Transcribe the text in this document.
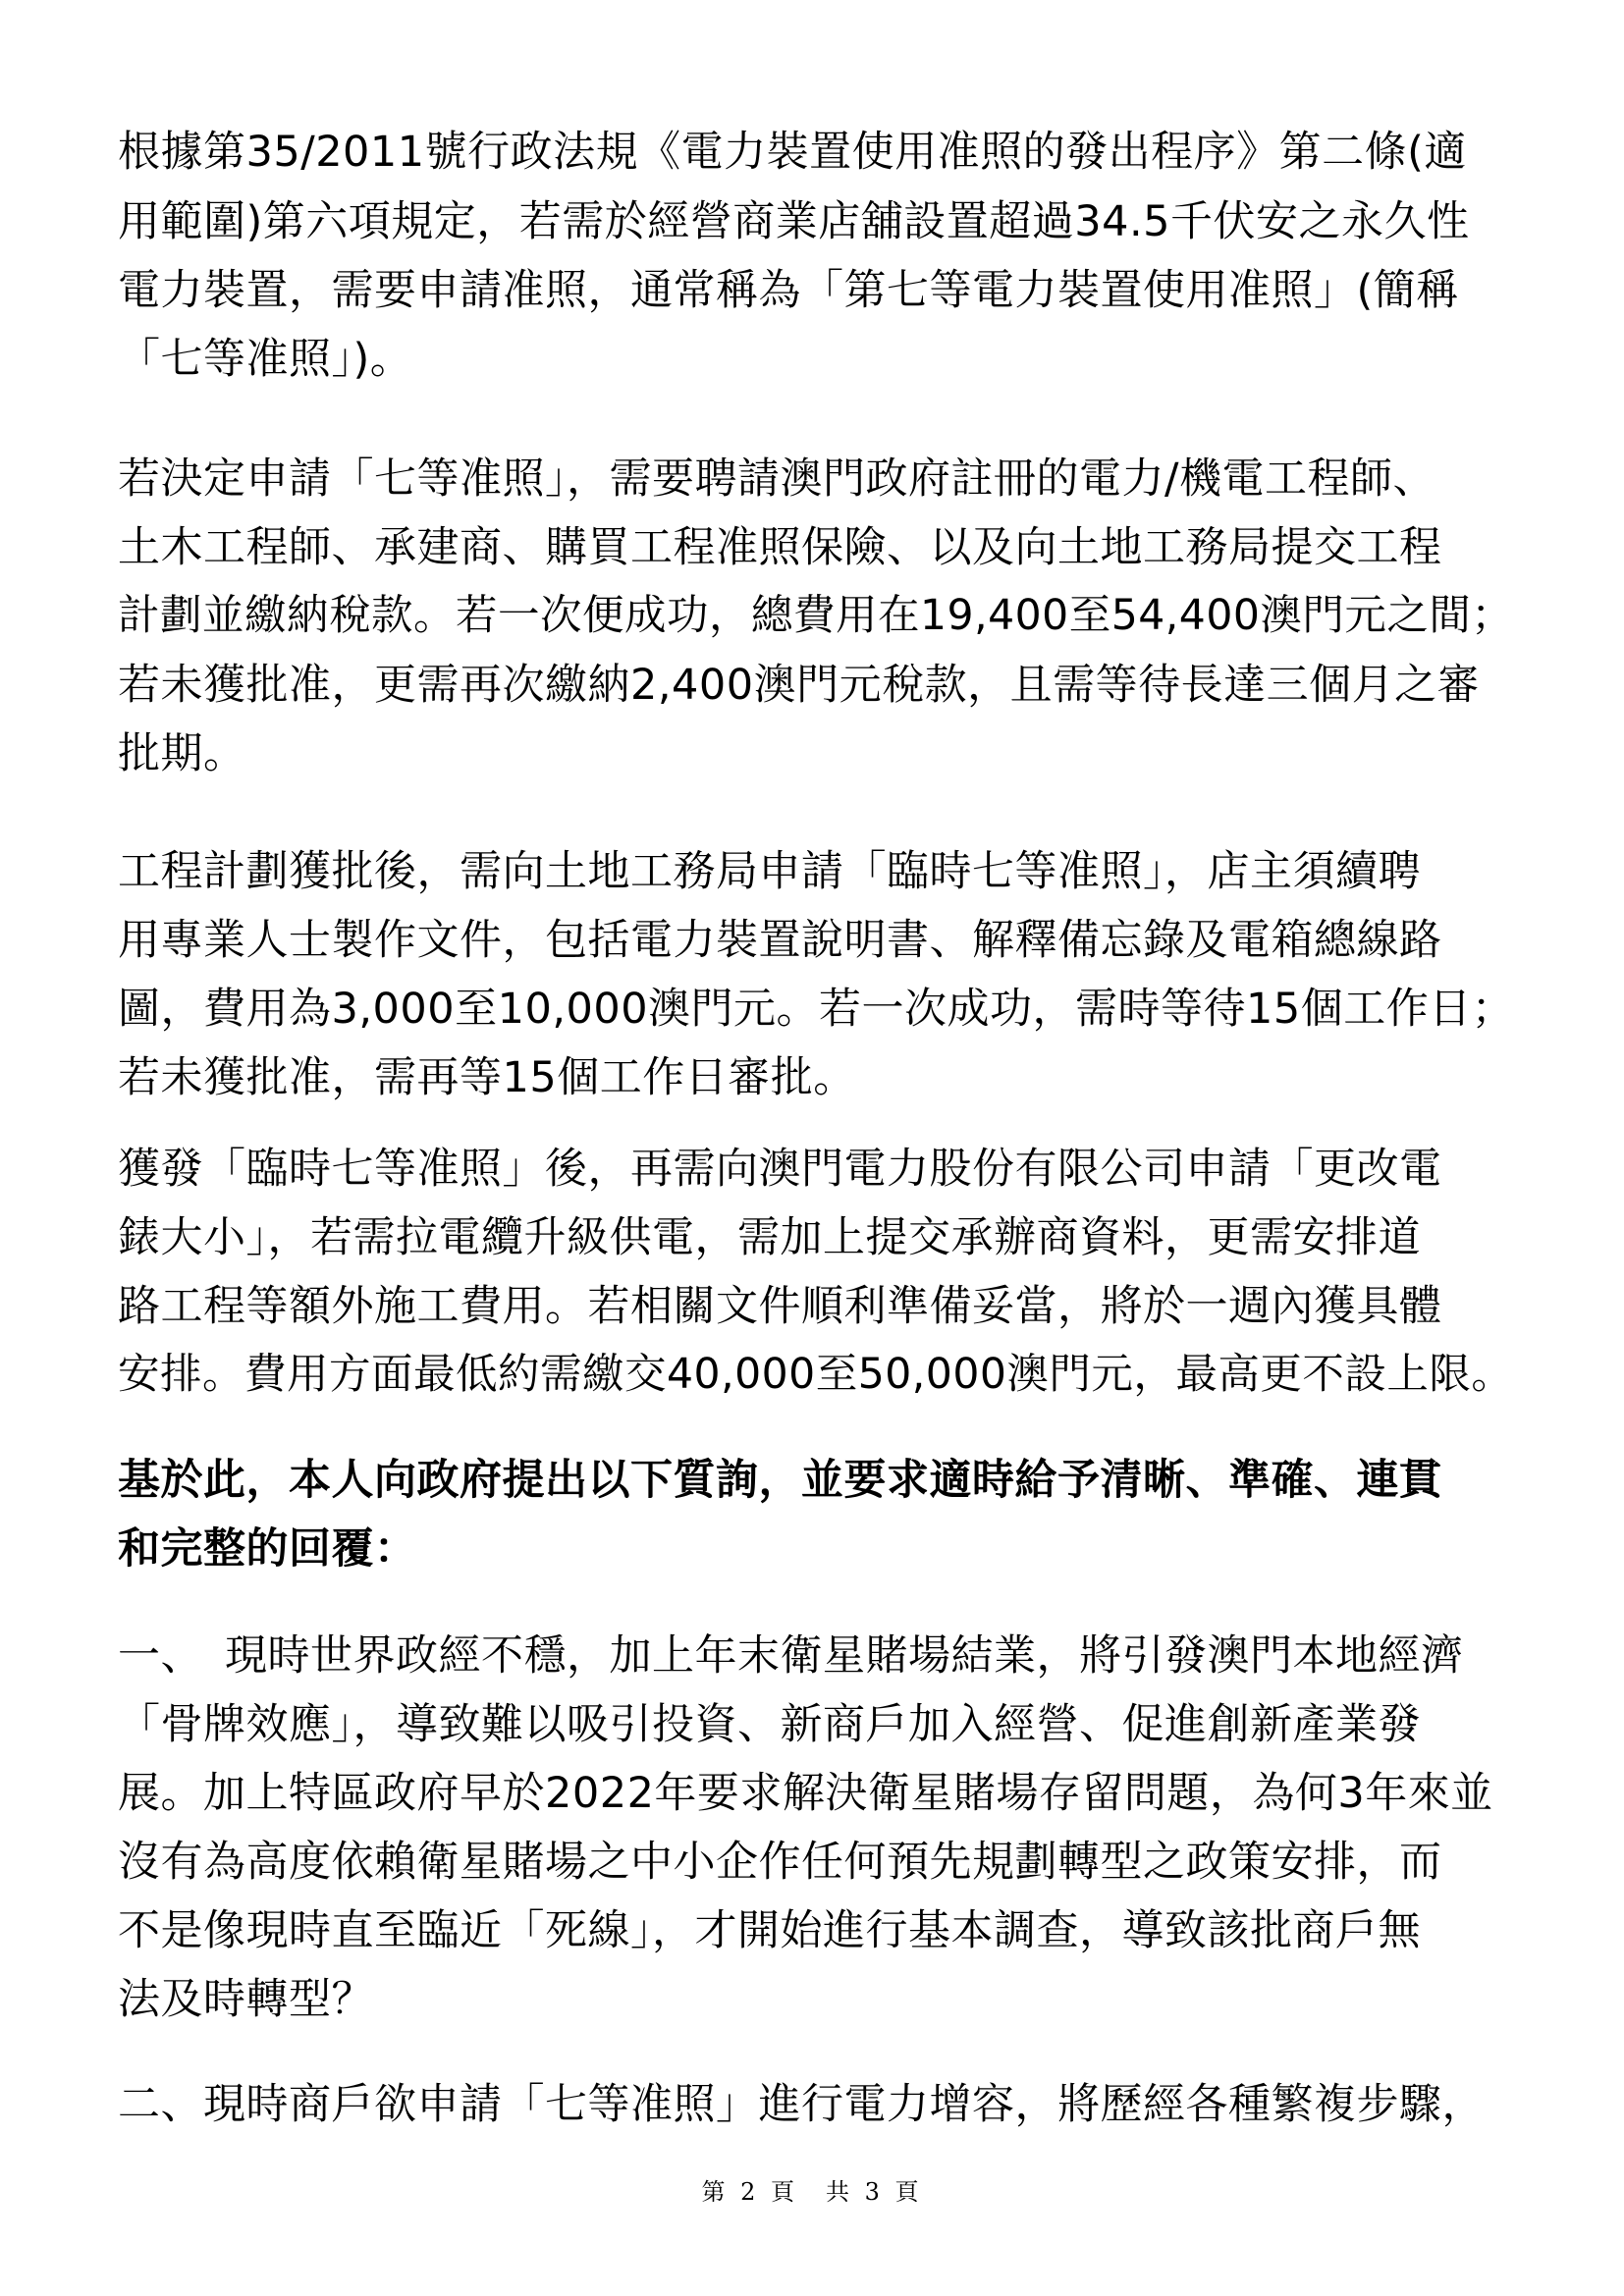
根據第35/2011號行政法規《電力裝置使用准照的發出程序》第二條(適
用範圍)第六項規定，若需於經營商業店舖設置超過34.5千伏安之永久性
電力裝置，需要申請准照，通常稱為「第七等電力裝置使用准照」(簡稱
「七等准照」)。
若決定申請「七等准照」，需要聘請澳門政府註冊的電力/機電工程師、
土木工程師、承建商、購買工程准照保險、以及向土地工務局提交工程
計劃並繳納稅款。若一次便成功，總費用在19,400至54,400澳門元之間；
若未獲批准，更需再次繳納2,400澳門元稅款，且需等待長達三個月之審
批期。
工程計劃獲批後，需向土地工務局申請「臨時七等准照」，店主須續聘
用專業人士製作文件，包括電力裝置說明書、解釋備忘錄及電箱總線路
圖，費用為3,000至10,000澳門元。若一次成功，需時等待15個工作日；
若未獲批准，需再等15個工作日審批。
獲發「臨時七等准照」後，再需向澳門電力股份有限公司申請「更改電
錶大小」，若需拉電纜升級供電，需加上提交承辦商資料，更需安排道
路工程等額外施工費用。若相關文件順利準備妥當，將於一週內獲具體
安排。費用方面最低約需繳交40,000至50,000澳門元，最高更不設上限。
基於此，本人向政府提出以下質詢，並要求適時給予清晰、準確、連貫
和完整的回覆：
一、　現時世界政經不穩，加上年末衛星賭場結業，將引發澳門本地經濟
「骨牌效應」，導致難以吸引投資、新商戶加入經營、促進創新產業發
展。加上特區政府早於2022年要求解決衛星賭場存留問題，為何3年來並
沒有為高度依賴衛星賭場之中小企作任何預先規劃轉型之政策安排，而
不是像現時直至臨近「死線」，才開始進行基本調查，導致該批商戶無
法及時轉型？
二、現時商戶欲申請「七等准照」進行電力增容，將歷經各種繁複步驟，
第 2 頁　共 3 頁
